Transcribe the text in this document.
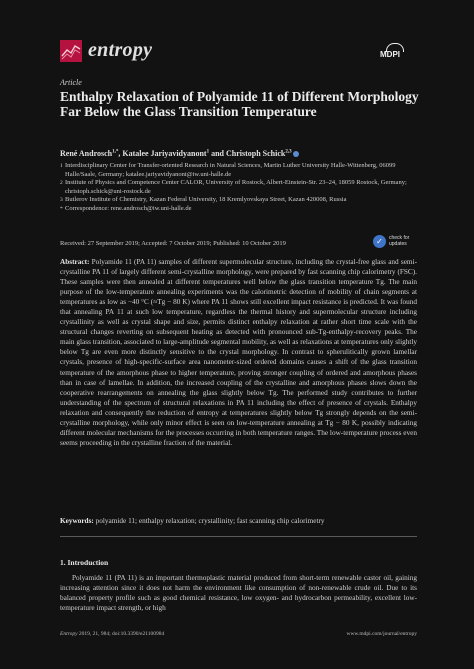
entropy	MDPI
Article
Enthalpy Relaxation of Polyamide 11 of Different Morphology Far Below the Glass Transition Temperature
René Androsch$^{1,*}$, Katalee Jariyavidyanont$^1$ and Christoph Schick$^{2,3}$
1 Interdisciplinary Center for Transfer-oriented Research in Natural Sciences, Martin Luther University Halle-Wittenberg, 06099 Halle/Saale, Germany; katalee.jariyavidyanont@iw.uni-halle.de
2 Institute of Physics and Competence Center CALOR, University of Rostock, Albert-Einstein-Str. 23–24, 18059 Rostock, Germany; christoph.schick@uni-rostock.de
3 Butlerov Institute of Chemistry, Kazan Federal University, 18 Kremlyovskaya Street, Kazan 420008, Russia
* Correspondence: rene.androsch@iw.uni-halle.de
Received: 27 September 2019; Accepted: 7 October 2019; Published: 10 October 2019	✓	check for
updates
Abstract: Polyamide 11 (PA 11) samples of different supermolecular structure, including the crystal-free glass and semi-crystalline PA 11 of largely different semi-crystalline morphology, were prepared by fast scanning chip calorimetry (FSC). These samples were then annealed at different temperatures well below the glass transition temperature Tg. The main purpose of the low-temperature annealing experiments was the calorimetric detection of mobility of chain segments at temperatures as low as −40 °C (≈Tg − 80 K) where PA 11 shows still excellent impact resistance is predicted. It was found that annealing PA 11 at such low temperature, regardless the thermal history and supermolecular structure including crystallinity as well as crystal shape and size, permits distinct enthalpy relaxation at rather short time scale with the structural changes reverting on subsequent heating as detected with pronounced sub-Tg-enthalpy-recovery peaks. The main glass transition, associated to large-amplitude segmental mobility, as well as relaxations at temperatures only slightly below Tg are even more distinctly sensitive to the crystal morphology. In contrast to spherulitically grown lamellar crystals, presence of high-specific-surface area nanometer-sized ordered domains causes a shift of the glass transition temperature of the amorphous phase to higher temperature, proving stronger coupling of ordered and amorphous phases than in case of lamellae. In addition, the increased coupling of the crystalline and amorphous phases slows down the cooperative rearrangements on annealing the glass slightly below Tg. The performed study contributes to further understanding of the spectrum of structural relaxations in PA 11 including the effect of presence of crystals. Enthalpy relaxation and consequently the reduction of entropy at temperatures slightly below Tg strongly depends on the semi-crystalline morphology, while only minor effect is seen on low-temperature annealing at Tg − 80 K, possibly indicating different molecular mechanisms for the processes occurring in both temperature ranges. The low-temperature process even seems proceeding in the crystalline fraction of the material.
Keywords: polyamide 11; enthalpy relaxation; crystallinity; fast scanning chip calorimetry
1. Introduction
Polyamide 11 (PA 11) is an important thermoplastic material produced from short-term renewable castor oil, gaining increasing attention since it does not harm the environment like consumption of non-renewable crude oil. Due to its balanced property profile such as good chemical resistance, low oxygen- and hydrocarbon permeability, excellent low-temperature impact strength, or high
Entropy 2019, 21, 984; doi:10.3390/e21100984	www.mdpi.com/journal/entropy
